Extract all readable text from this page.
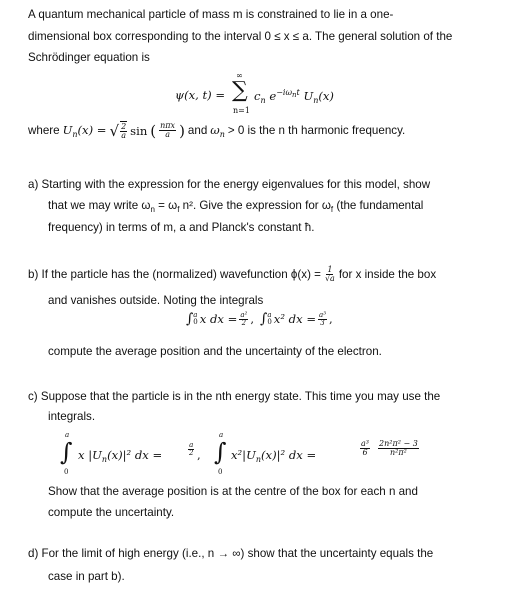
A quantum mechanical particle of mass m is constrained to lie in a one-
dimensional box corresponding to the interval 0 ≤ x ≤ a. The general solution of the
Schrödinger equation is
ψ(x, t) =
∞
∑
n=1
$c_n$ $e^{-i\omega nt}$ $U_n(x)$
where $U_n(x)$ = √ $\frac{2}{a}$ sin ( $\frac{\text{nπx}}{a}$ ) and $\omega_n > 0$ is the n th harmonic frequency.
a) Starting with the expression for the energy eigenvalues for this model, show
that we may write $\omega_n = \omega_f$ n². Give the expression for $\omega_f$ (the fundamental
frequency) in terms of m, a and Planck's constant ħ.
b) If the particle has the (normalized) wavefunction $\phi(x) = \frac{1}{√a}$ for x inside the box
and vanishes outside. Noting the integrals
∫ a
0 x dx = $\frac{\text{a²}}{2}$ , ∫ a
0 x² dx = $\frac{\text{a³}}{3}$ ,
compute the average position and the uncertainty of the electron.
c) Suppose that the particle is in the nth energy state. This time you may use the
integrals.
a
∫
0
x $|U_n(x)|^2$ dx =	$\frac{a}{2}$ ,
a
∫
0
$x^2|U_n(x)|^2$ dx =	$\frac{\text{a³}}{6} \frac{\text{2n²π² − 3}}{\text{n²π²}}$
Show that the average position is at the centre of the box for each n and
compute the uncertainty.
d) For the limit of high energy (i.e., n → ∞) show that the uncertainty equals the
case in part b).
